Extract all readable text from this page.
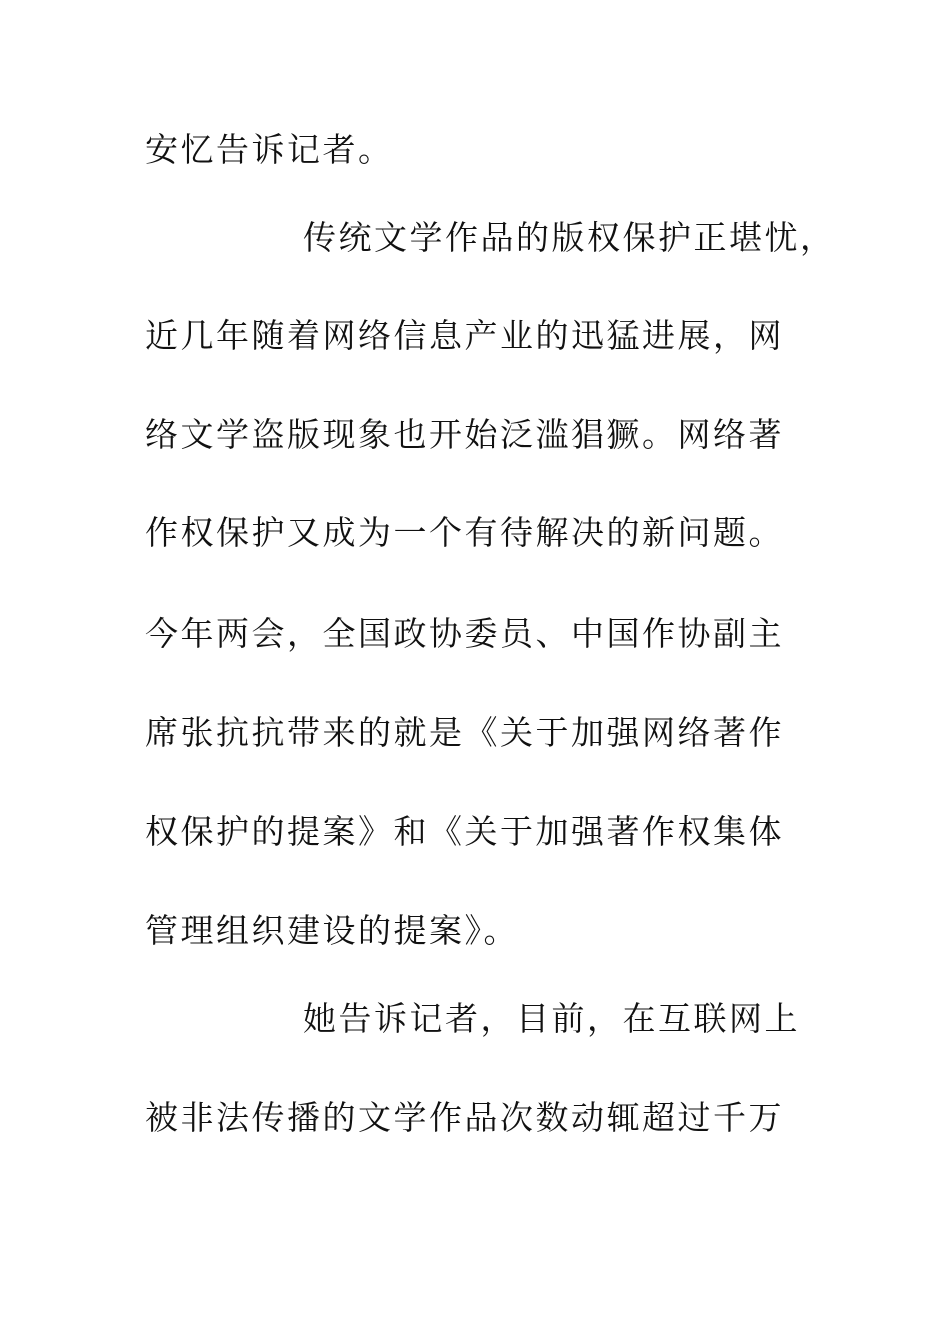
安忆告诉记者。

传统文学作品的版权保护正堪忧，

近几年随着网络信息产业的迅猛进展，网

络文学盗版现象也开始泛滥猖獗。网络著

作权保护又成为一个有待解决的新问题。

今年两会，全国政协委员、中国作协副主

席张抗抗带来的就是《关于加强网络著作

权保护的提案》和《关于加强著作权集体

管理组织建设的提案》。

她告诉记者，目前，在互联网上

被非法传播的文学作品次数动辄超过千万
